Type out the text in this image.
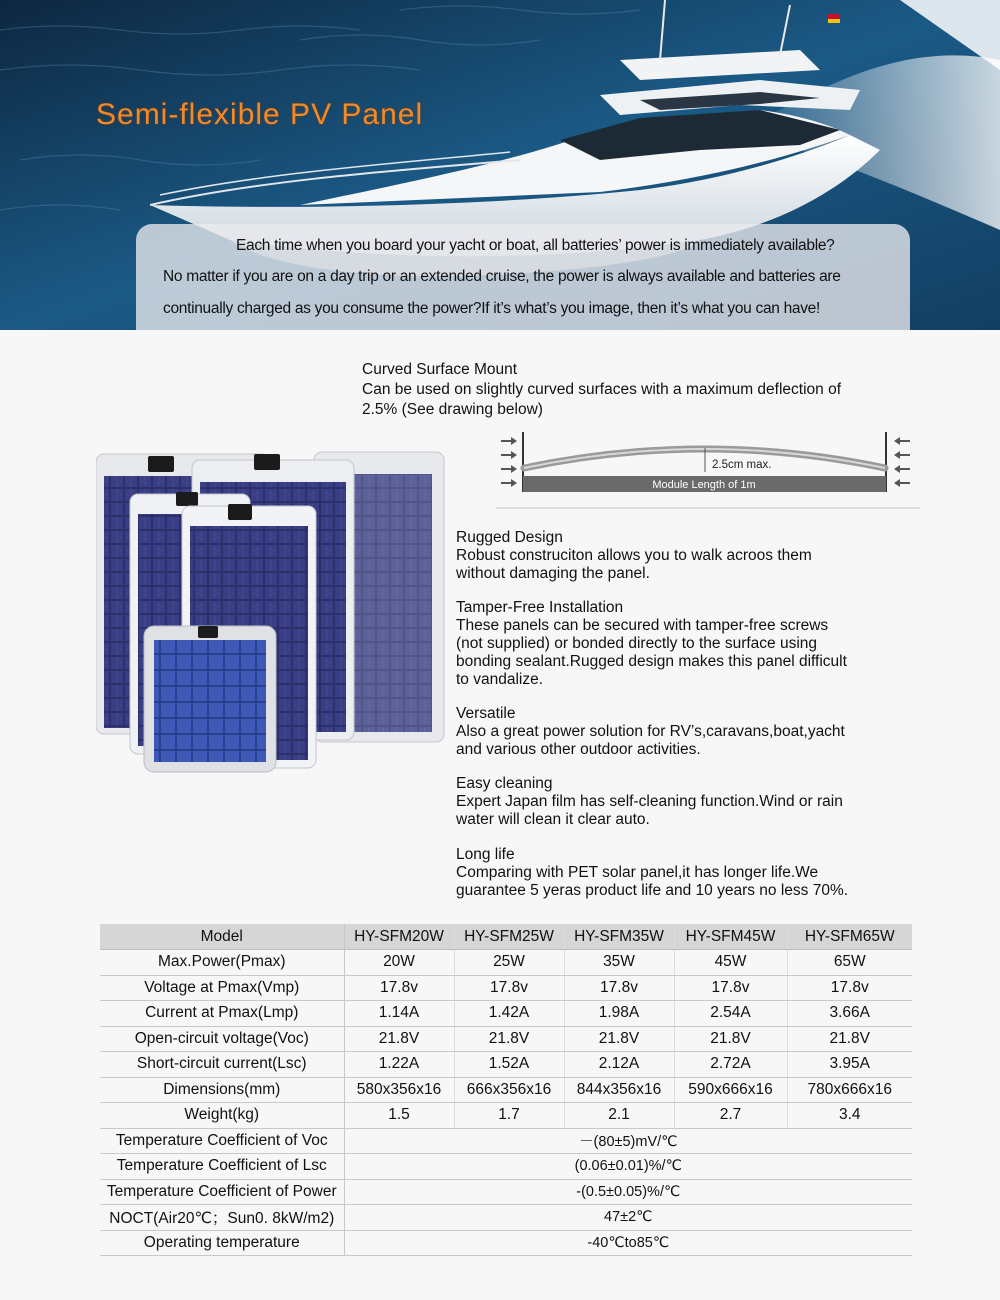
Semi-flexible PV Panel

Each time when you board your yacht or boat, all batteries’ power is immediately available?

No matter if you are on a day trip or an extended cruise, the power is always available and batteries are

continually charged as you consume the power?If it’s what’s you image, then it’s what you can have!

Curved Surface Mount
Can be used on slightly curved surfaces with a maximum deflection of
2.5% (See drawing below)
2.5cm max.
Module Length of 1m
Rugged Design
Robust construciton allows you to walk acroos them
without damaging the panel.
Tamper-Free Installation
These panels can be secured with tamper-free screws
(not supplied) or bonded directly to the surface using
bonding sealant.Rugged design makes this panel difficult
to vandalize.
Versatile
Also a great power solution for RV’s,caravans,boat,yacht
and various other outdoor activities.
Easy cleaning
Expert Japan film has self-cleaning function.Wind or rain
water will clean it clear auto.
Long life
Comparing with PET solar panel,it has longer life.We
guarantee 5 yeras product life and 10 years no less 70%.
Model	HY-SFM20W	HY-SFM25W	HY-SFM35W	HY-SFM45W	HY-SFM65W
Max.Power(Pmax)	20W	25W	35W	45W	65W
Voltage at Pmax(Vmp)	17.8v	17.8v	17.8v	17.8v	17.8v
Current at Pmax(Lmp)	1.14A	1.42A	1.98A	2.54A	3.66A
Open-circuit voltage(Voc)	21.8V	21.8V	21.8V	21.8V	21.8V
Short-circuit current(Lsc)	1.22A	1.52A	2.12A	2.72A	3.95A
Dimensions(mm)	580x356x16	666x356x16	844x356x16	590x666x16	780x666x16
Weight(kg)	1.5	1.7	2.1	2.7	3.4
Temperature Coefficient of Voc	－(80±5)mV/℃				
Temperature Coefficient of Lsc	(0.06±0.01)%/℃				
Temperature Coefficient of Power	-(0.5±0.05)%/℃				
NOCT(Air20℃；Sun0. 8kW/m2)	47±2℃				
Operating temperature	-40℃to85℃				
